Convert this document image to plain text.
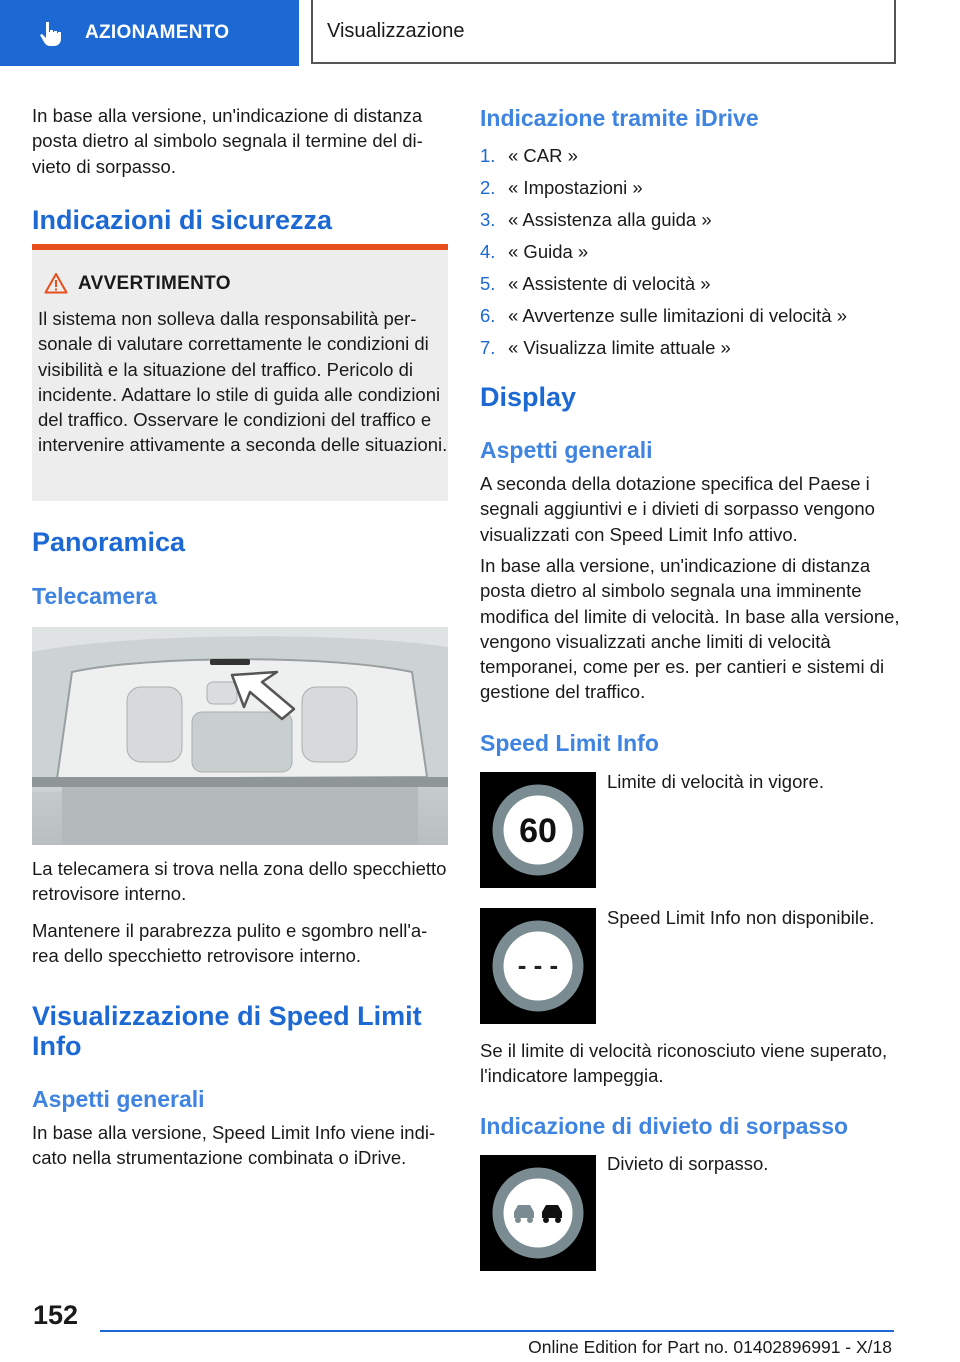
AZIONAMENTO	Visualizzazione

In base alla versione, un'indicazione di distanza posta dietro al simbolo segnala il termine del divieto di sorpasso.

Indicazioni di sicurezza
AVVERTIMENTO

Il sistema non solleva dalla responsabilità personale di valutare correttamente le condizioni di visibilità e la situazione del traffico. Pericolo di incidente. Adattare lo stile di guida alle condizioni del traffico. Osservare le condizioni del traffico e intervenire attivamente a seconda delle situazioni.

Panoramica
Telecamera

La telecamera si trova nella zona dello specchietto retrovisore interno.

Mantenere il parabrezza pulito e sgombro nell'area dello specchietto retrovisore interno.

Visualizzazione di Speed Limit Info
Aspetti generali

In base alla versione, Speed Limit Info viene indicato nella strumentazione combinata o iDrive.

Indicazione tramite iDrive
1. « CAR »
2. « Impostazioni »
3. « Assistenza alla guida »
4. « Guida »
5. « Assistente di velocità »
6. « Avvertenze sulle limitazioni di velocità »
7. « Visualizza limite attuale »
Display
Aspetti generali

A seconda della dotazione specifica del Paese i segnali aggiuntivi e i divieti di sorpasso vengono visualizzati con Speed Limit Info attivo.

In base alla versione, un'indicazione di distanza posta dietro al simbolo segnala una imminente modifica del limite di velocità. In base alla versione, vengono visualizzati anche limiti di velocità temporanei, come per es. per cantieri e sistemi di gestione del traffico.

Speed Limit Info
60

Limite di velocità in vigore.

- - -

Speed Limit Info non disponibile.

Se il limite di velocità riconosciuto viene superato, l'indicatore lampeggia.

Indicazione di divieto di sorpasso

Divieto di sorpasso.

152
Online Edition for Part no. 01402896991 - X/18
